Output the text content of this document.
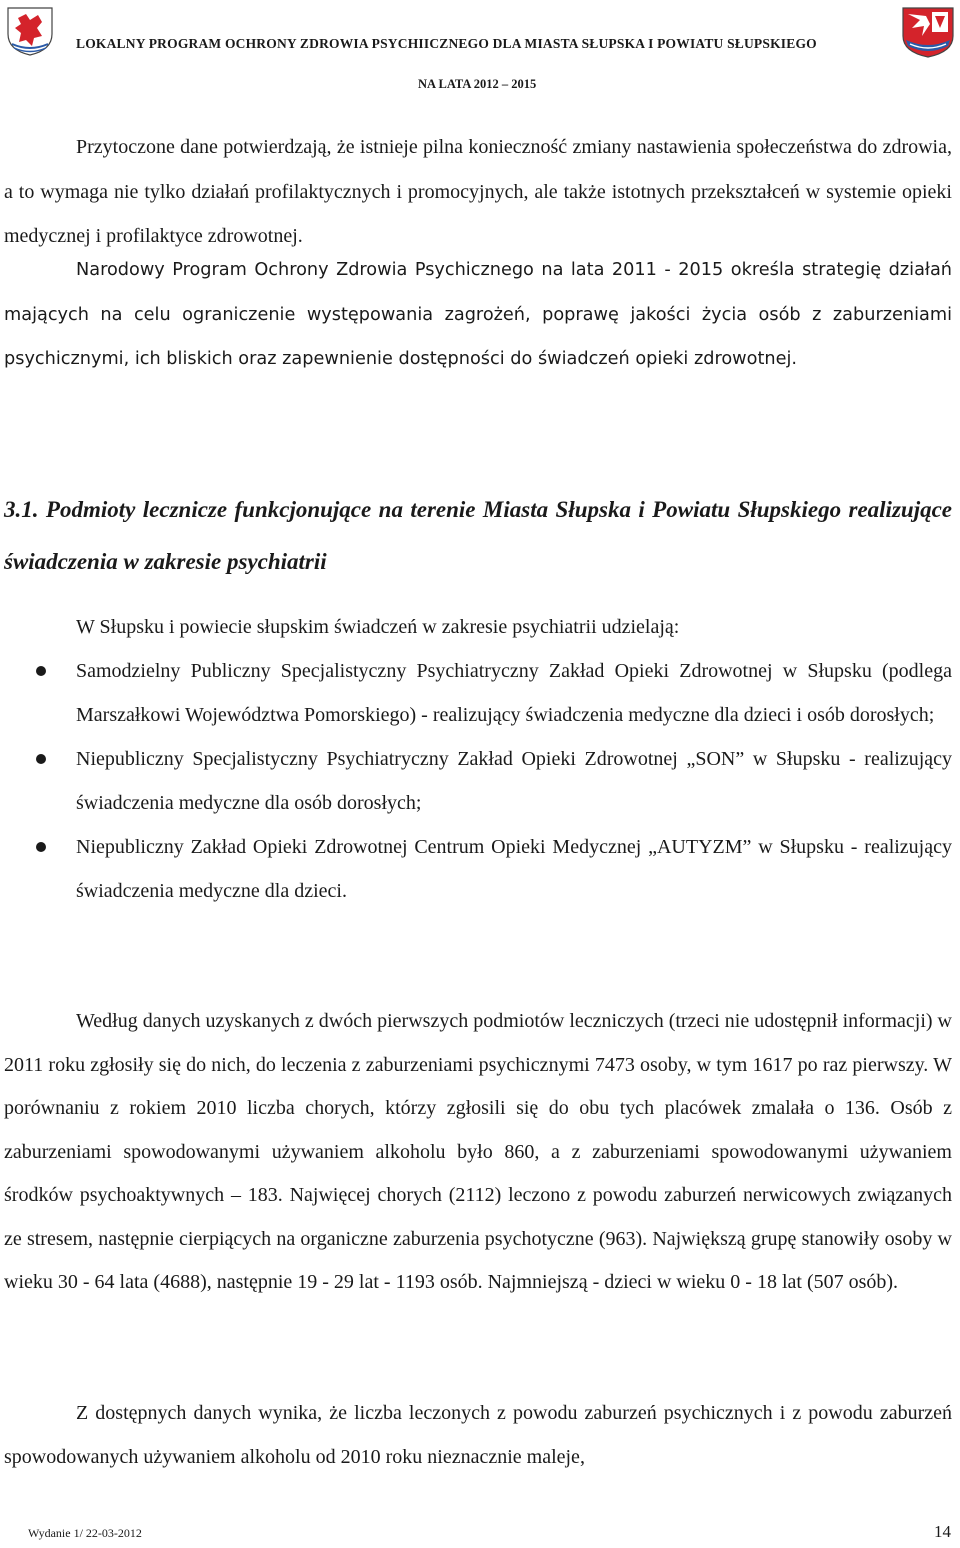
LOKALNY PROGRAM OCHRONY ZDROWIA PSYCHIICZNEGO DLA MIASTA SŁUPSKA I POWIATU SŁUPSKIEGO
NA LATA 2012 – 2015

Przytoczone dane potwierdzają, że istnieje pilna konieczność zmiany nastawienia społeczeństwa do zdrowia, a to wymaga nie tylko działań profilaktycznych i promocyjnych, ale także istotnych przekształceń w systemie opieki medycznej i profilaktyce zdrowotnej.

Narodowy Program Ochrony Zdrowia Psychicznego na lata 2011 - 2015 określa strategię działań mających na celu ograniczenie występowania zagrożeń, poprawę jakości życia osób z zaburzeniami psychicznymi, ich bliskich oraz zapewnienie dostępności do świadczeń opieki zdrowotnej.

3.1. Podmioty lecznicze funkcjonujące na terenie Miasta Słupska i Powiatu Słupskiego realizujące świadczenia w zakresie psychiatrii

W Słupsku i powiecie słupskim świadczeń w zakresie psychiatrii udzielają:

Samodzielny Publiczny Specjalistyczny Psychiatryczny Zakład Opieki Zdrowotnej w Słupsku (podlega Marszałkowi Województwa Pomorskiego) - realizujący świadczenia medyczne dla dzieci i osób dorosłych;
Niepubliczny Specjalistyczny Psychiatryczny Zakład Opieki Zdrowotnej „SON” w Słupsku - realizujący świadczenia medyczne dla osób dorosłych;
Niepubliczny Zakład Opieki Zdrowotnej Centrum Opieki Medycznej „AUTYZM” w Słupsku - realizujący świadczenia medyczne dla dzieci.

Według danych uzyskanych z dwóch pierwszych podmiotów leczniczych (trzeci nie udostępnił informacji) w 2011 roku zgłosiły się do nich, do leczenia z zaburzeniami psychicznymi 7473 osoby, w tym 1617 po raz pierwszy. W porównaniu z rokiem 2010 liczba chorych, którzy zgłosili się do obu tych placówek zmalała o 136. Osób z zaburzeniami spowodowanymi używaniem alkoholu było 860, a z zaburzeniami spowodowanymi używaniem środków psychoaktywnych – 183. Najwięcej chorych (2112) leczono z powodu zaburzeń nerwicowych związanych ze stresem, następnie cierpiących na organiczne zaburzenia psychotyczne (963). Największą grupę stanowiły osoby w wieku 30 - 64 lata (4688), następnie 19 - 29 lat - 1193 osób. Najmniejszą - dzieci w wieku 0 - 18 lat (507 osób).

Z dostępnych danych wynika, że liczba leczonych z powodu zaburzeń psychicznych i z powodu zaburzeń spowodowanych używaniem alkoholu od 2010 roku nieznacznie maleje,

Wydanie 1/ 22-03-2012	14
